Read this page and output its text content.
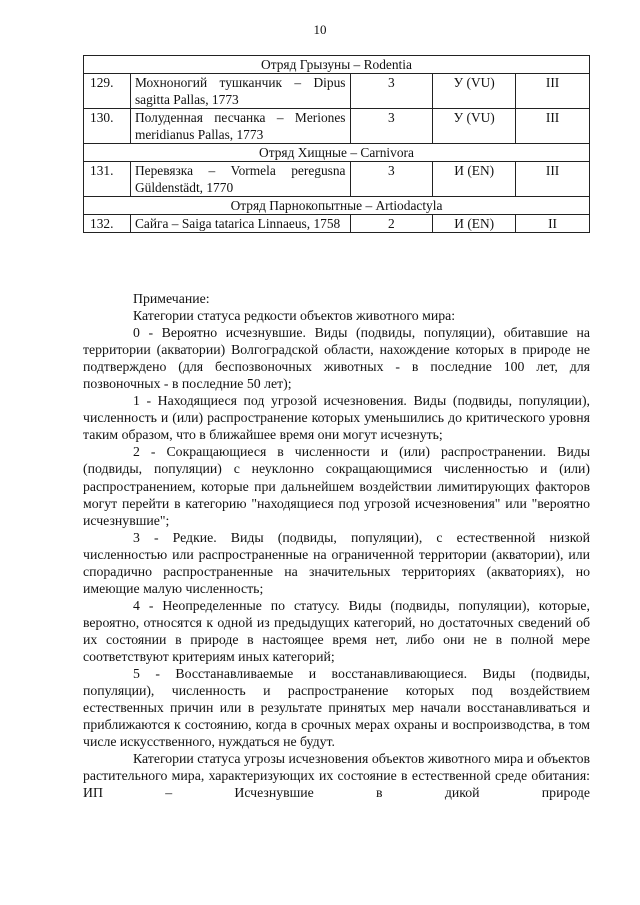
10
Отряд Грызуны – Rodentia				
129.	Мохноногий тушканчик – Dipus sagitta Pallas, 1773	3	У (VU)	III
130.	Полуденная песчанка – Meriones meridianus Pallas, 1773	3	У (VU)	III
Отряд Хищные – Carnivora				
131.	Перевязка – Vormela peregusna Güldenstädt, 1770	3	И (EN)	III
Отряд Парнокопытные – Artiodactyla				
132.	Сайга – Saiga tatarica Linnaeus, 1758	2	И (EN)	II

Примечание:

Категории статуса редкости объектов животного мира:

0 - Вероятно исчезнувшие. Виды (подвиды, популяции), обитавшие на территории (акватории) Волгоградской области, нахождение которых в природе не подтверждено (для беспозвоночных животных - в последние 100 лет, для позвоночных - в последние 50 лет);

1 - Находящиеся под угрозой исчезновения. Виды (подвиды, популяции), численность и (или) распространение которых уменьшились до критического уровня таким образом, что в ближайшее время они могут исчезнуть;

2 - Сокращающиеся в численности и (или) распространении. Виды (подвиды, популяции) с неуклонно сокращающимися численностью и (или) распространением, которые при дальнейшем воздействии лимитирующих факторов могут перейти в категорию "находящиеся под угрозой исчезновения" или "вероятно исчезнувшие";

3 - Редкие. Виды (подвиды, популяции), с естественной низкой численностью или распространенные на ограниченной территории (акватории), или спорадично распространенные на значительных территориях (акваториях), но имеющие малую численность;

4 - Неопределенные по статусу. Виды (подвиды, популяции), которые, вероятно, относятся к одной из предыдущих категорий, но достаточных сведений об их состоянии в природе в настоящее время нет, либо они не в полной мере соответствуют критериям иных категорий;

5 - Восстанавливаемые и восстанавливающиеся. Виды (подвиды, популяции), численность и распространение которых под воздействием естественных причин или в результате принятых мер начали восстанавливаться и приближаются к состоянию, когда в срочных мерах охраны и воспроизводства, в том числе искусственного, нуждаться не будут.

Категории статуса угрозы исчезновения объектов животного мира и объектов растительного мира, характеризующих их состояние в естественной среде обитания: ИП – Исчезнувшие в дикой природе
